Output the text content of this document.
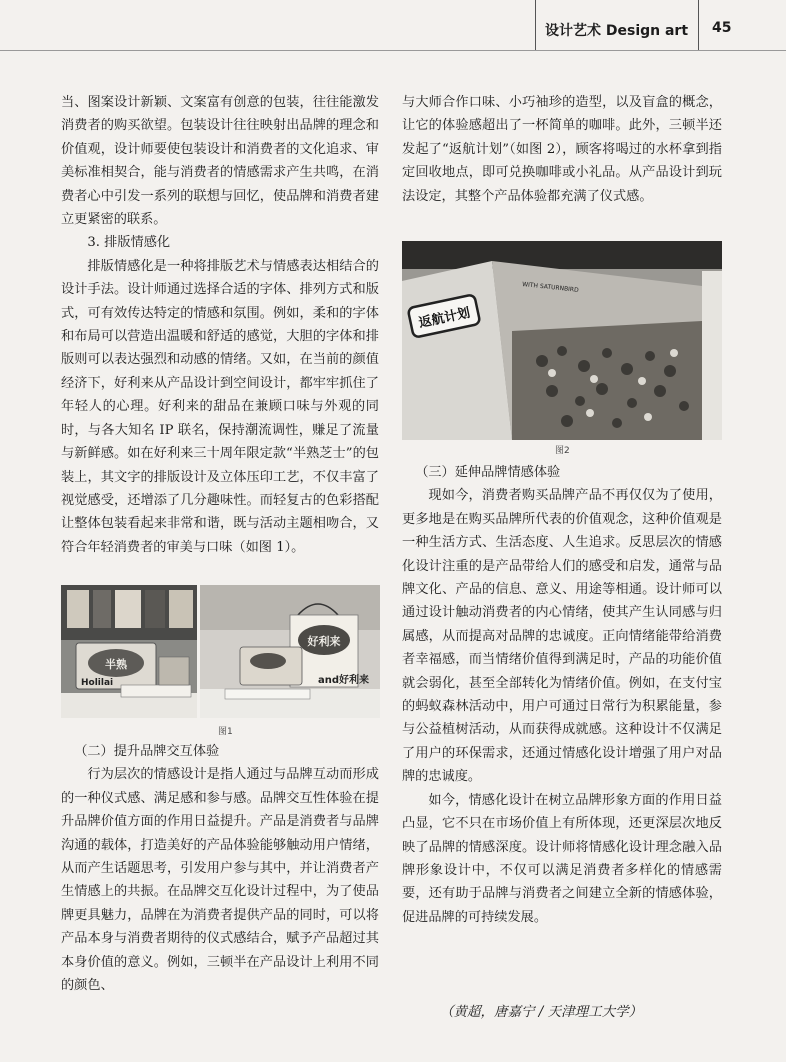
设计艺术 Design art 45

当、图案设计新颖、文案富有创意的包装，往往能激发消费者的购买欲望。包装设计往往映射出品牌的理念和价值观，设计师要使包装设计和消费者的文化追求、审美标准相契合，能与消费者的情感需求产生共鸣，在消费者心中引发一系列的联想与回忆，使品牌和消费者建立更紧密的联系。

3. 排版情感化

排版情感化是一种将排版艺术与情感表达相结合的设计手法。设计师通过选择合适的字体、排列方式和版式，可有效传达特定的情感和氛围。例如，柔和的字体和布局可以营造出温暖和舒适的感觉，大胆的字体和排版则可以表达强烈和动感的情绪。又如，在当前的颜值经济下，好利来从产品设计到空间设计，都牢牢抓住了年轻人的心理。好利来的甜品在兼顾口味与外观的同时，与各大知名 IP 联名，保持潮流调性，赚足了流量与新鲜感。如在好利来三十周年限定款“半熟芝士”的包装上，其文字的排版设计及立体压印工艺，不仅丰富了视觉感受，还增添了几分趣味性。而轻复古的色彩搭配让整体包装看起来非常和谐，既与活动主题相吻合，又符合年轻消费者的审美与口味（如图 1）。

半熟
Holilai
好利来
and好利来
图1

（二）提升品牌交互体验

行为层次的情感设计是指人通过与品牌互动而形成的一种仪式感、满足感和参与感。品牌交互性体验在提升品牌价值方面的作用日益提升。产品是消费者与品牌沟通的载体，打造美好的产品体验能够触动用户情绪，从而产生话题思考，引发用户参与其中，并让消费者产生情感上的共振。在品牌交互化设计过程中，为了使品牌更具魅力，品牌在为消费者提供产品的同时，可以将产品本身与消费者期待的仪式感结合，赋予产品超过其本身价值的意义。例如，三顿半在产品设计上利用不同的颜色、

与大师合作口味、小巧袖珍的造型，以及盲盒的概念，让它的体验感超出了一杯简单的咖啡。此外，三顿半还发起了“返航计划”（如图 2），顾客将喝过的水杯拿到指定回收地点，即可兑换咖啡或小礼品。从产品设计到玩法设定，其整个产品体验都充满了仪式感。

返航计划
WITH SATURNBIRD
图2

（三）延伸品牌情感体验

现如今，消费者购买品牌产品不再仅仅为了使用，更多地是在购买品牌所代表的价值观念，这种价值观是一种生活方式、生活态度、人生追求。反思层次的情感化设计注重的是产品带给人们的感受和启发，通常与品牌文化、产品的信息、意义、用途等相通。设计师可以通过设计触动消费者的内心情绪，使其产生认同感与归属感，从而提高对品牌的忠诚度。正向情绪能带给消费者幸福感，而当情绪价值得到满足时，产品的功能价值就会弱化，甚至全部转化为情绪价值。例如，在支付宝的蚂蚁森林活动中，用户可通过日常行为积累能量，参与公益植树活动，从而获得成就感。这种设计不仅满足了用户的环保需求，还通过情感化设计增强了用户对品牌的忠诚度。

如今，情感化设计在树立品牌形象方面的作用日益凸显，它不只在市场价值上有所体现，还更深层次地反映了品牌的情感深度。设计师将情感化设计理念融入品牌形象设计中，不仅可以满足消费者多样化的情感需要，还有助于品牌与消费者之间建立全新的情感体验，促进品牌的可持续发展。

（黄超，唐嘉宁 / 天津理工大学）
